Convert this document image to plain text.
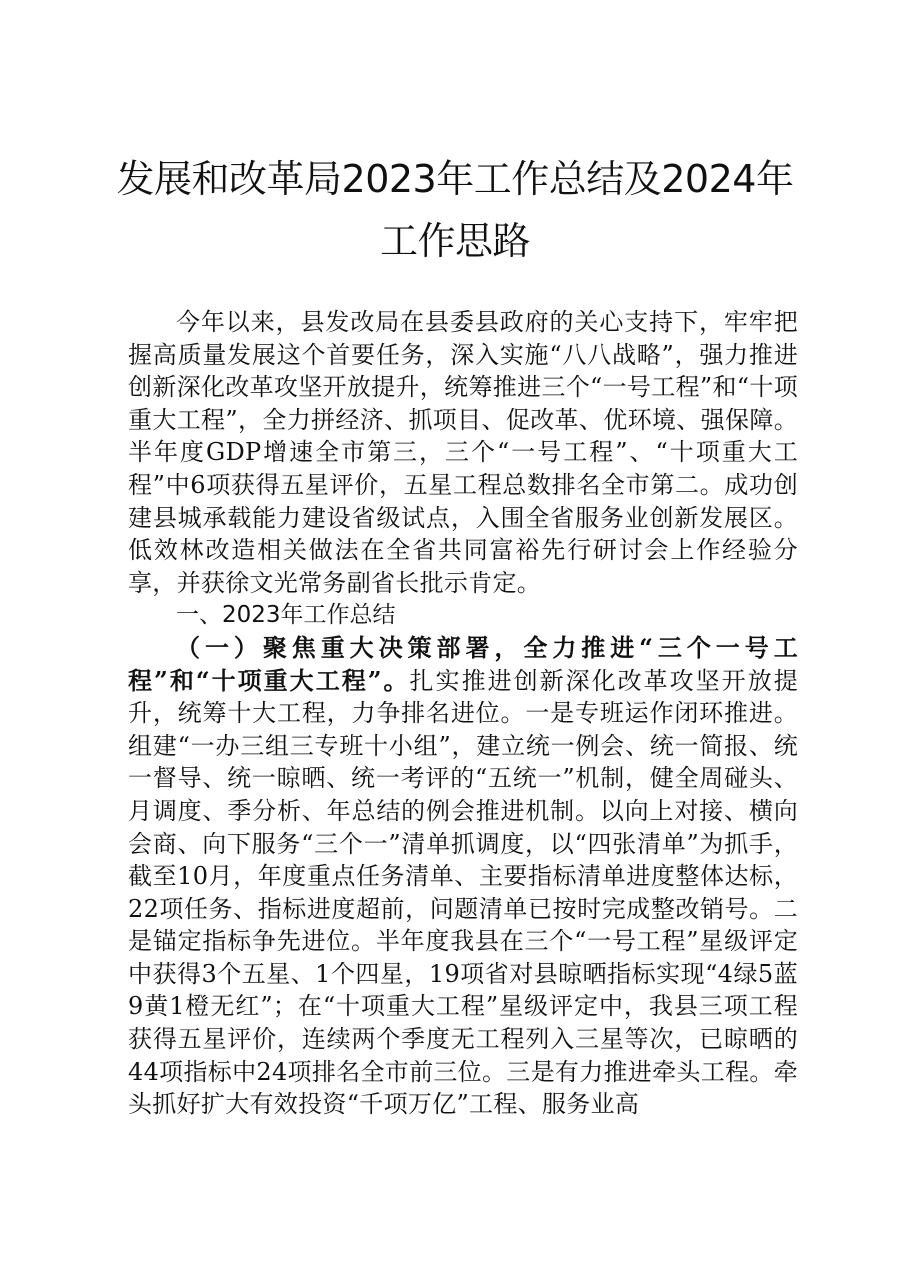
发展和改革局2023年工作总结及2024年工作思路

今年以来，县发改局在县委县政府的关心支持下，牢牢把握高质量发展这个首要任务，深入实施“八八战略”，强力推进创新深化改革攻坚开放提升，统筹推进三个“一号工程”和“十项重大工程”，全力拼经济、抓项目、促改革、优环境、强保障。半年度GDP增速全市第三，三个“一号工程”、“十项重大工程”中6项获得五星评价，五星工程总数排名全市第二。成功创建县城承载能力建设省级试点，入围全省服务业创新发展区。低效林改造相关做法在全省共同富裕先行研讨会上作经验分享，并获徐文光常务副省长批示肯定。

一、2023年工作总结

（一）聚焦重大决策部署，全力推进“三个一号工程”和“十项重大工程”。扎实推进创新深化改革攻坚开放提升，统筹十大工程，力争排名进位。一是专班运作闭环推进。组建“一办三组三专班十小组”，建立统一例会、统一简报、统一督导、统一晾晒、统一考评的“五统一”机制，健全周碰头、月调度、季分析、年总结的例会推进机制。以向上对接、横向会商、向下服务“三个一”清单抓调度，以“四张清单”为抓手，截至10月，年度重点任务清单、主要指标清单进度整体达标，22项任务、指标进度超前，问题清单已按时完成整改销号。二是锚定指标争先进位。半年度我县在三个“一号工程”星级评定中获得3个五星、1个四星，19项省对县晾晒指标实现“4绿5蓝9黄1橙无红”；在“十项重大工程”星级评定中，我县三项工程获得五星评价，连续两个季度无工程列入三星等次，已晾晒的44项指标中24项排名全市前三位。三是有力推进牵头工程。牵头抓好扩大有效投资“千项万亿”工程、服务业高
